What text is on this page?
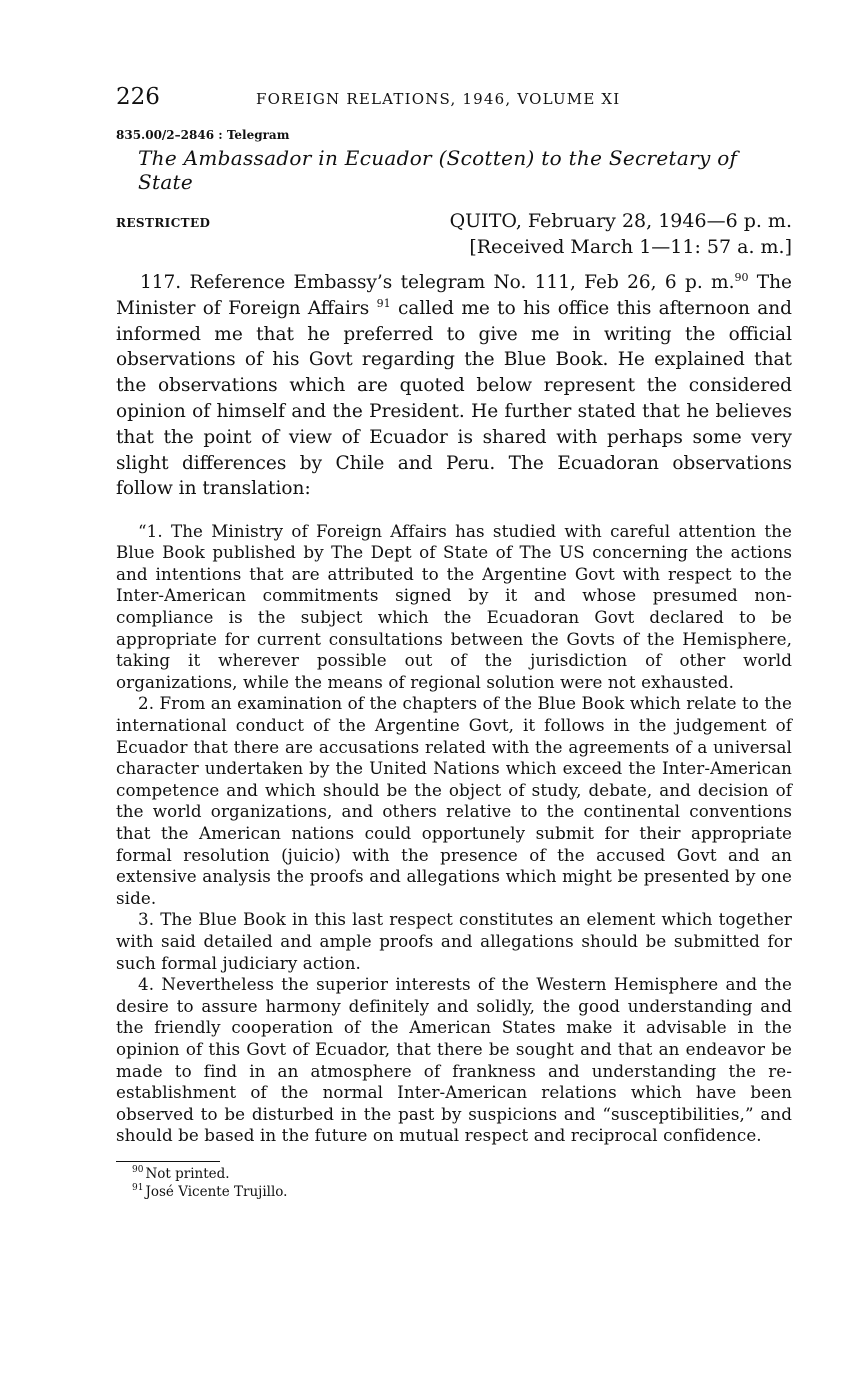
226	FOREIGN RELATIONS, 1946, VOLUME XI
835.00/2–2846 : Telegram
The Ambassador in Ecuador (Scotten) to the Secretary of State
RESTRICTED	QUITO, February 28, 1946—6 p. m.
[Received March 1—11: 57 a. m.]

117. Reference Embassy’s telegram No. 111, Feb 26, 6 p. m.$^{90}$ The Minister of Foreign Affairs $^{91}$ called me to his office this afternoon and informed me that he preferred to give me in writing the official observations of his Govt regarding the Blue Book. He explained that the observations which are quoted below represent the considered opinion of himself and the President. He further stated that he believes that the point of view of Ecuador is shared with perhaps some very slight differences by Chile and Peru. The Ecuadoran observations follow in translation:

“1. The Ministry of Foreign Affairs has studied with careful attention the Blue Book published by The Dept of State of The US concerning the actions and intentions that are attributed to the Argentine Govt with respect to the Inter-American commitments signed by it and whose presumed non-compliance is the subject which the Ecuadoran Govt declared to be appropriate for current consultations between the Govts of the Hemisphere, taking it wherever possible out of the jurisdiction of other world organizations, while the means of regional solution were not exhausted.

2. From an examination of the chapters of the Blue Book which relate to the international conduct of the Argentine Govt, it follows in the judgement of Ecuador that there are accusations related with the agreements of a universal character undertaken by the United Nations which exceed the Inter-American competence and which should be the object of study, debate, and decision of the world organizations, and others relative to the continental conventions that the American nations could opportunely submit for their appropriate formal resolution (juicio) with the presence of the accused Govt and an extensive analysis the proofs and allegations which might be presented by one side.

3. The Blue Book in this last respect constitutes an element which together with said detailed and ample proofs and allegations should be submitted for such formal judiciary action.

4. Nevertheless the superior interests of the Western Hemisphere and the desire to assure harmony definitely and solidly, the good understanding and the friendly cooperation of the American States make it advisable in the opinion of this Govt of Ecuador, that there be sought and that an endeavor be made to find in an atmosphere of frankness and understanding the re-establishment of the normal Inter-American relations which have been observed to be disturbed in the past by suspicions and “susceptibilities,” and should be based in the future on mutual respect and reciprocal confidence.

$^{90}$ Not printed.
$^{91}$ José Vicente Trujillo.
